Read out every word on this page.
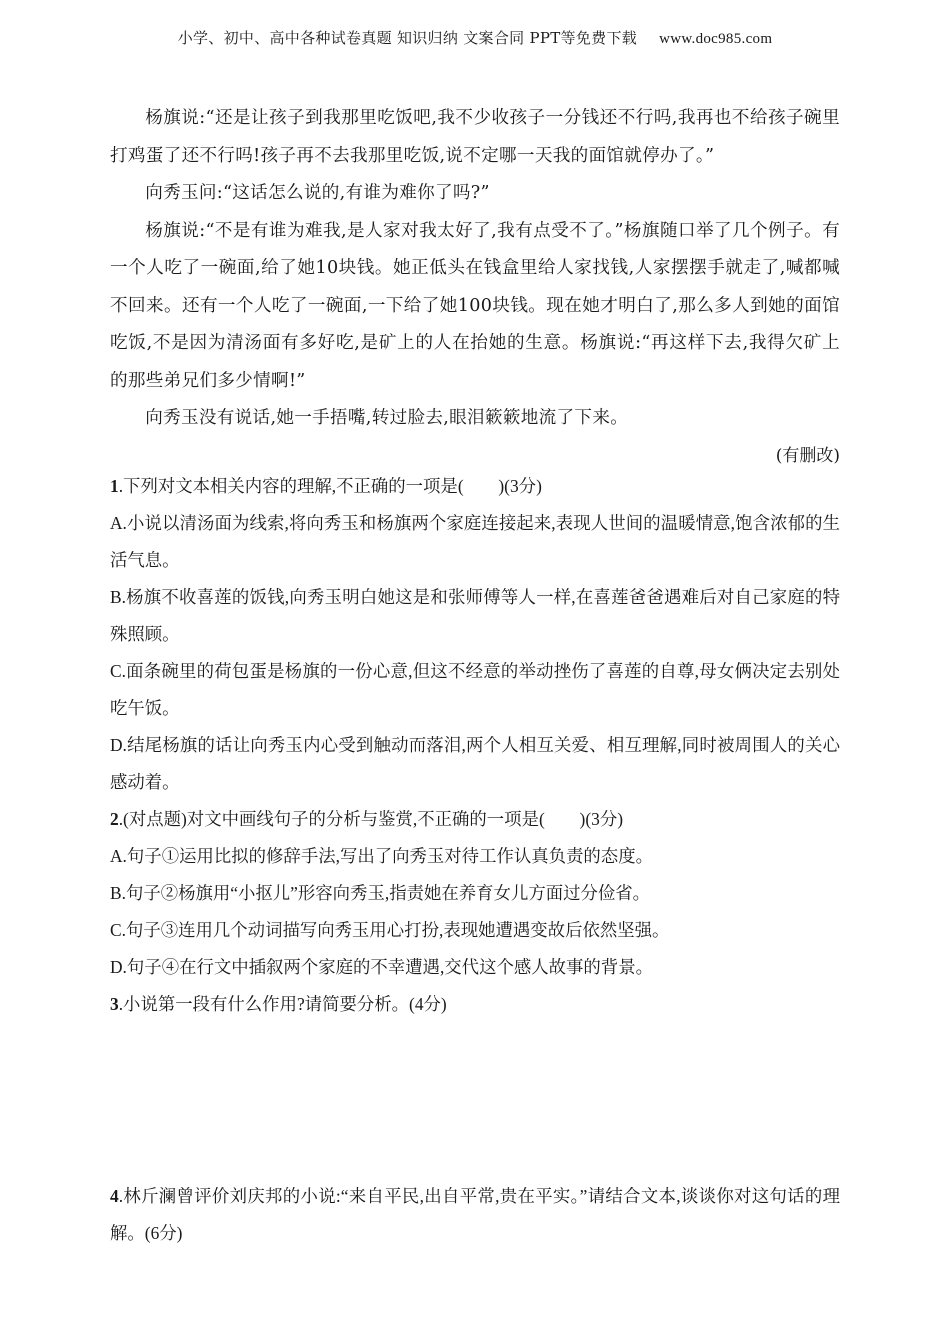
小学、初中、高中各种试卷真题 知识归纳 文案合同 PPT等免费下载 www.doc985.com

杨旗说:“还是让孩子到我那里吃饭吧,我不少收孩子一分钱还不行吗,我再也不给孩子碗里打鸡蛋了还不行吗!孩子再不去我那里吃饭,说不定哪一天我的面馆就停办了。”

向秀玉问:“这话怎么说的,有谁为难你了吗?”

杨旗说:“不是有谁为难我,是人家对我太好了,我有点受不了。”杨旗随口举了几个例子。有一个人吃了一碗面,给了她10块钱。她正低头在钱盒里给人家找钱,人家摆摆手就走了,喊都喊不回来。还有一个人吃了一碗面,一下给了她100块钱。现在她才明白了,那么多人到她的面馆吃饭,不是因为清汤面有多好吃,是矿上的人在抬她的生意。杨旗说:“再这样下去,我得欠矿上的那些弟兄们多少情啊!”

向秀玉没有说话,她一手捂嘴,转过脸去,眼泪簌簌地流了下来。

(有删改)

1.下列对文本相关内容的理解,不正确的一项是(　　)(3分)

A.小说以清汤面为线索,将向秀玉和杨旗两个家庭连接起来,表现人世间的温暖情意,饱含浓郁的生活气息。

B.杨旗不收喜莲的饭钱,向秀玉明白她这是和张师傅等人一样,在喜莲爸爸遇难后对自己家庭的特殊照顾。

C.面条碗里的荷包蛋是杨旗的一份心意,但这不经意的举动挫伤了喜莲的自尊,母女俩决定去别处吃午饭。

D.结尾杨旗的话让向秀玉内心受到触动而落泪,两个人相互关爱、相互理解,同时被周围人的关心感动着。

2.(对点题)对文中画线句子的分析与鉴赏,不正确的一项是(　　)(3分)

A.句子①运用比拟的修辞手法,写出了向秀玉对待工作认真负责的态度。

B.句子②杨旗用“小抠儿”形容向秀玉,指责她在养育女儿方面过分俭省。

C.句子③连用几个动词描写向秀玉用心打扮,表现她遭遇变故后依然坚强。

D.句子④在行文中插叙两个家庭的不幸遭遇,交代这个感人故事的背景。

3.小说第一段有什么作用?请简要分析。(4分)

4.林斤澜曾评价刘庆邦的小说:“来自平民,出自平常,贵在平实。”请结合文本,谈谈你对这句话的理解。(6分)
